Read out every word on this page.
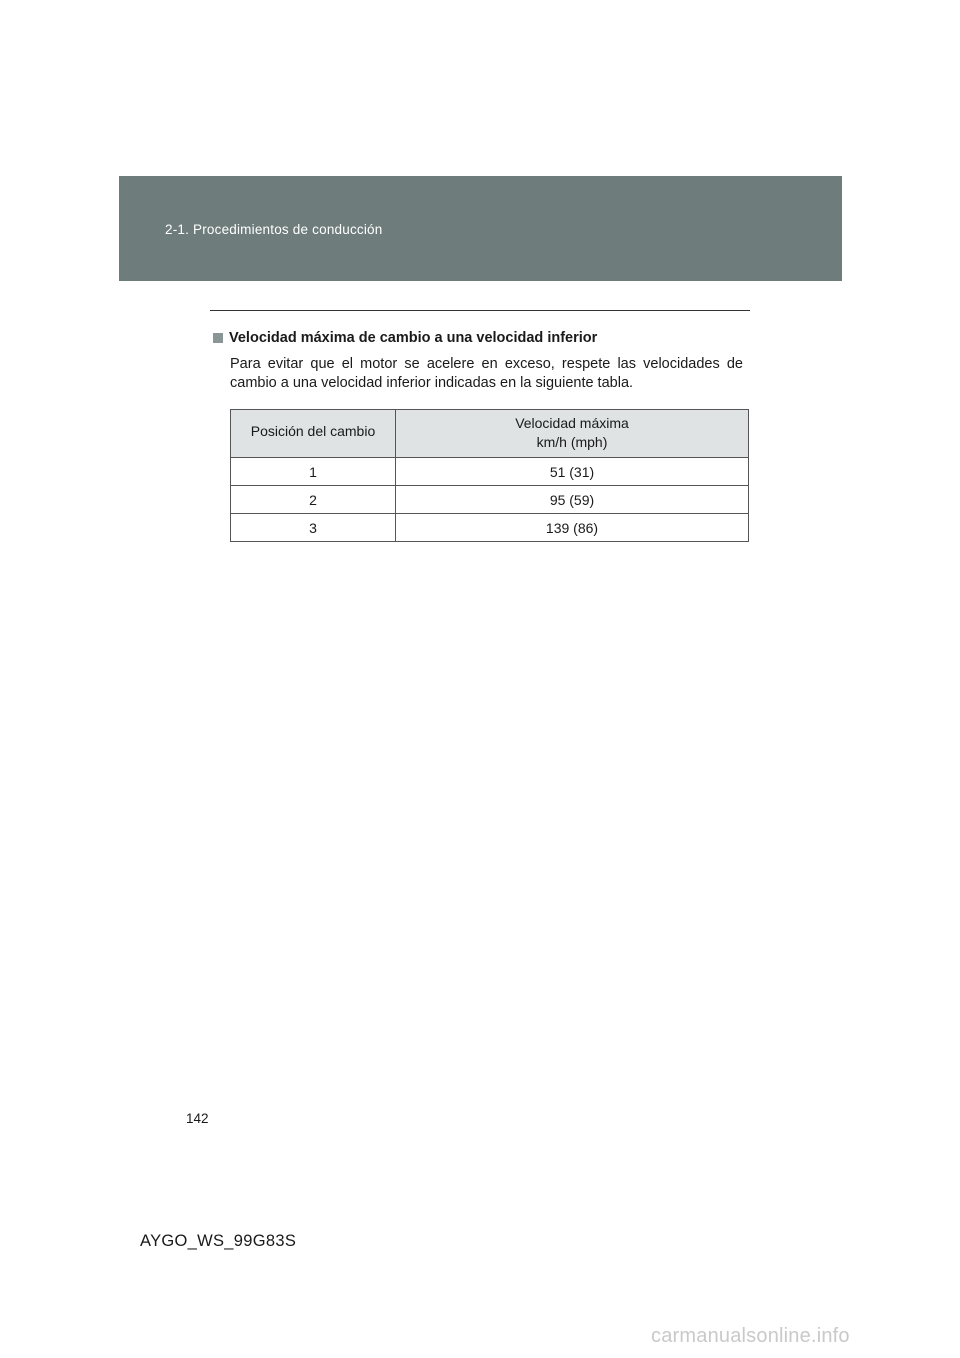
2-1. Procedimientos de conducción
Velocidad máxima de cambio a una velocidad inferior
Para evitar que el motor se acelere en exceso, respete las velocidades de cambio a una velocidad inferior indicadas en la siguiente tabla.
Posición del cambio	Velocidad máxima
km/h (mph)

1	51 (31)
2	95 (59)
3	139 (86)
142
AYGO_WS_99G83S
carmanualsonline.info
